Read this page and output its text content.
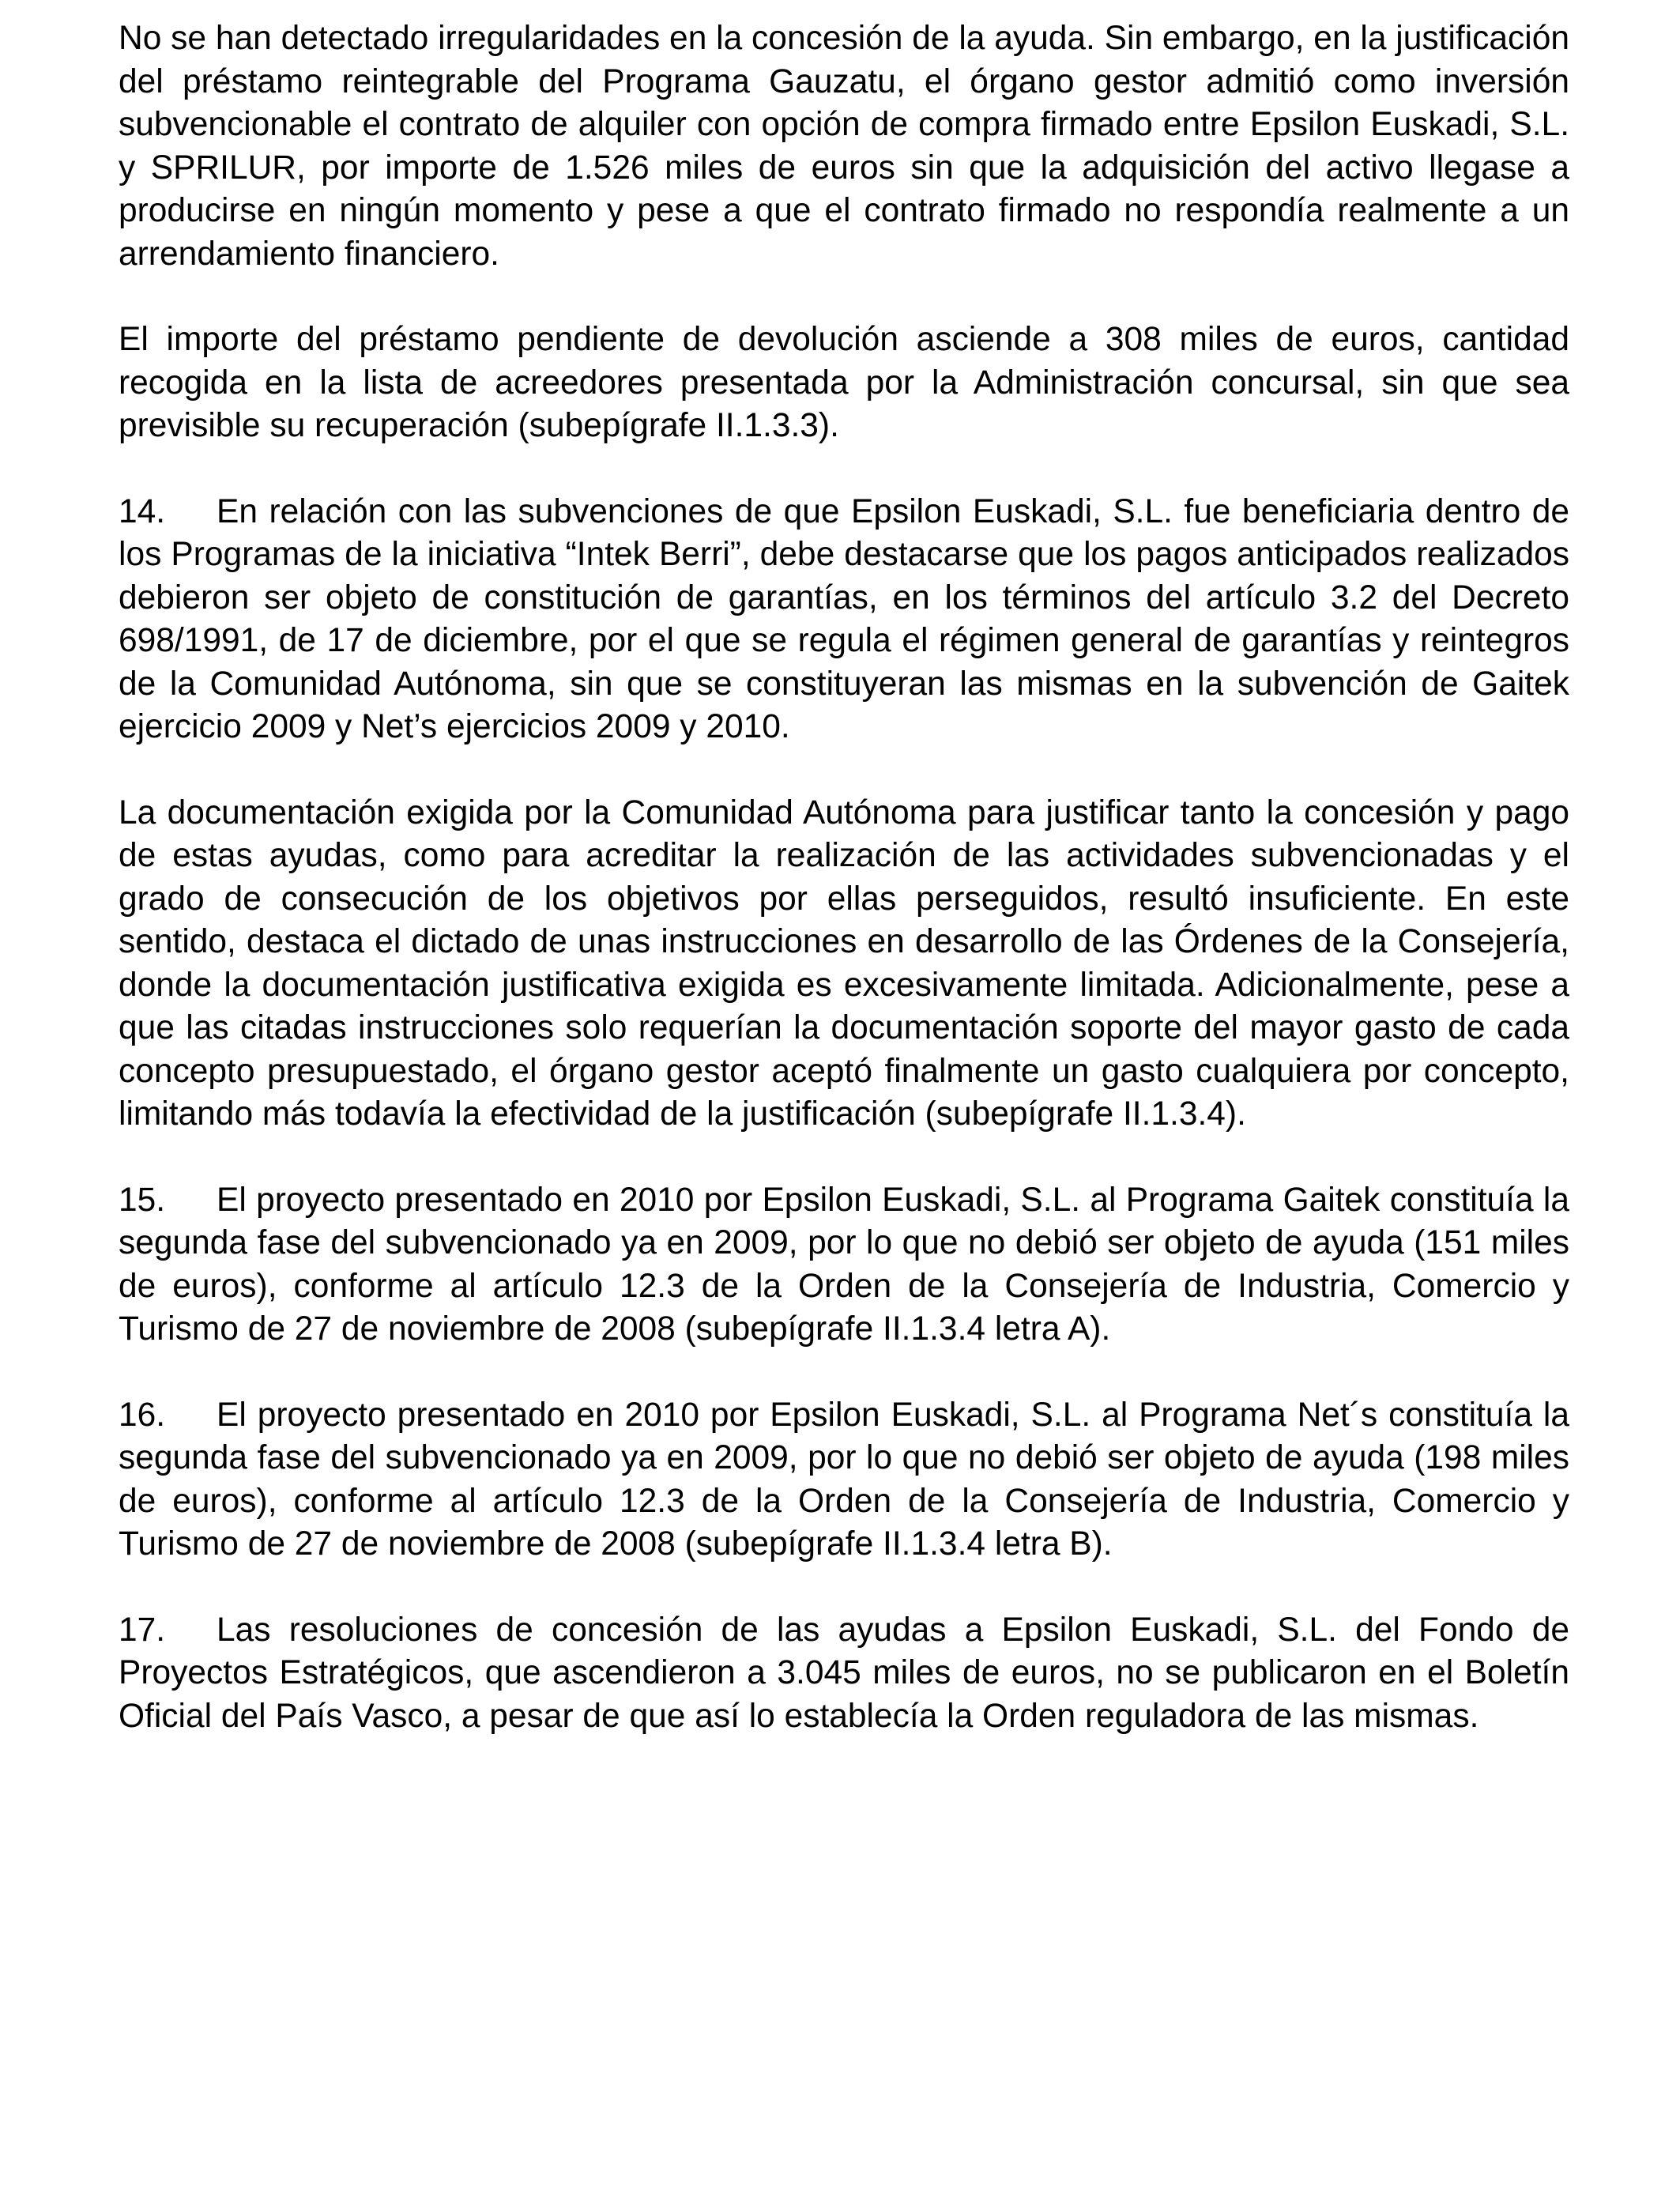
No se han detectado irregularidades en la concesión de la ayuda. Sin embargo, en la justificación del préstamo reintegrable del Programa Gauzatu, el órgano gestor admitió como inversión subvencionable el contrato de alquiler con opción de compra firmado entre Epsilon Euskadi, S.L. y SPRILUR, por importe de 1.526 miles de euros sin que la adquisición del activo llegase a producirse en ningún momento y pese a que el contrato firmado no respondía realmente a un arrendamiento financiero.

El importe del préstamo pendiente de devolución asciende a 308 miles de euros, cantidad recogida en la lista de acreedores presentada por la Administración concursal, sin que sea previsible su recuperación (subepígrafe II.1.3.3).

14. En relación con las subvenciones de que Epsilon Euskadi, S.L. fue beneficiaria dentro de los Programas de la iniciativa “Intek Berri”, debe destacarse que los pagos anticipados realizados debieron ser objeto de constitución de garantías, en los términos del artículo 3.2 del Decreto 698/1991, de 17 de diciembre, por el que se regula el régimen general de garantías y reintegros de la Comunidad Autónoma, sin que se constituyeran las mismas en la subvención de Gaitek ejercicio 2009 y Net’s ejercicios 2009 y 2010.

La documentación exigida por la Comunidad Autónoma para justificar tanto la concesión y pago de estas ayudas, como para acreditar la realización de las actividades subvencionadas y el grado de consecución de los objetivos por ellas perseguidos, resultó insuficiente. En este sentido, destaca el dictado de unas instrucciones en desarrollo de las Órdenes de la Consejería, donde la documentación justificativa exigida es excesivamente limitada. Adicionalmente, pese a que las citadas instrucciones solo requerían la documentación soporte del mayor gasto de cada concepto presupuestado, el órgano gestor aceptó finalmente un gasto cualquiera por concepto, limitando más todavía la efectividad de la justificación (subepígrafe II.1.3.4).

15. El proyecto presentado en 2010 por Epsilon Euskadi, S.L. al Programa Gaitek constituía la segunda fase del subvencionado ya en 2009, por lo que no debió ser objeto de ayuda (151 miles de euros), conforme al artículo 12.3 de la Orden de la Consejería de Industria, Comercio y Turismo de 27 de noviembre de 2008 (subepígrafe II.1.3.4 letra A).

16. El proyecto presentado en 2010 por Epsilon Euskadi, S.L. al Programa Net´s constituía la segunda fase del subvencionado ya en 2009, por lo que no debió ser objeto de ayuda (198 miles de euros), conforme al artículo 12.3 de la Orden de la Consejería de Industria, Comercio y Turismo de 27 de noviembre de 2008 (subepígrafe II.1.3.4 letra B).

17. Las resoluciones de concesión de las ayudas a Epsilon Euskadi, S.L. del Fondo de Proyectos Estratégicos, que ascendieron a 3.045 miles de euros, no se publicaron en el Boletín Oficial del País Vasco, a pesar de que así lo establecía la Orden reguladora de las mismas.
